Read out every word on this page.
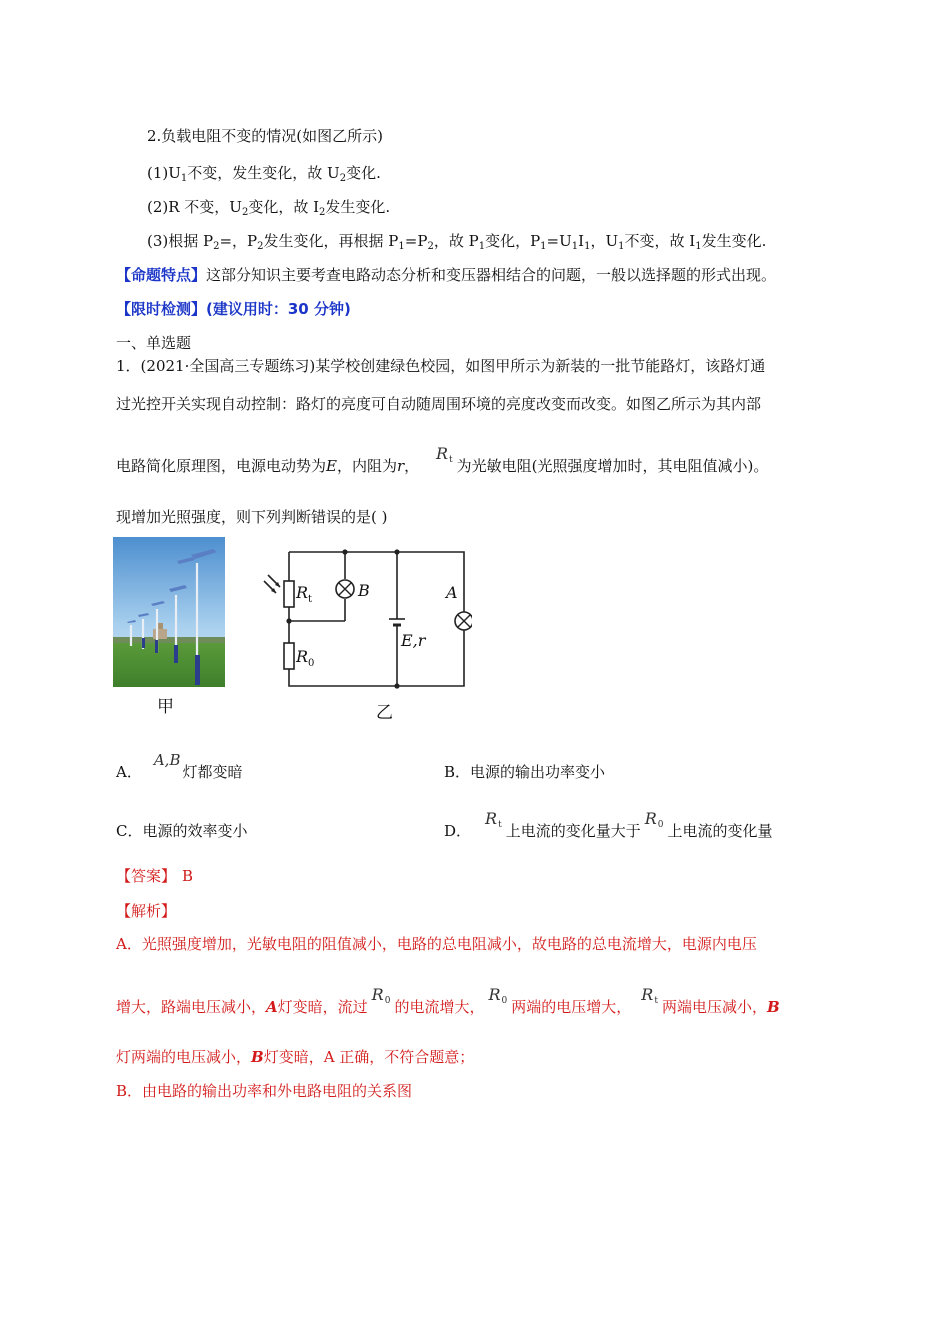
2.负载电阻不变的情况(如图乙所示)
$(1)U_1$不变，发生变化，故 $U_2$变化.
(2)R 不变，$U_2$变化，故 $I_2$发生变化.
(3)根据 $P_2=$，$P_2$发生变化，再根据 $P_1=P_2$，故 $P_1$变化，$P_1=U_1I_1$，$U_1$不变，故 $I_1$发生变化.
【命题特点】这部分知识主要考查电路动态分析和变压器相结合的问题，一般以选择题的形式出现。
【限时检测】(建议用时：30 分钟)
一、单选题
1．(2021·全国高三专题练习)某学校创建绿色校园，如图甲所示为新装的一批节能路灯，该路灯通
过光控开关实现自动控制：路灯的亮度可自动随周围环境的亮度改变而改变。如图乙所示为其内部
电路简化原理图，电源电动势为E，内阻为r， Rt 为光敏电阻(光照强度增加时，其电阻值减小)。
现增加光照强度，则下列判断错误的是( )
甲
$R_t$
$R_0$
B	A
E,r
乙
A．A,B灯都变暗	B．电源的输出功率变小
C．电源的效率变小	D．Rt 上电流的变化量大于R0 上电流的变化量
【答案】 B
【解析】
A．光照强度增加，光敏电阻的阻值减小，电路的总电阻减小，故电路的总电流增大，电源内电压
增大，路端电压减小，A灯变暗，流过R0 的电流增大，R0 两端的电压增大，Rt 两端电压减小，B
灯两端的电压减小，B灯变暗，A 正确，不符合题意；
B．由电路的输出功率和外电路电阻的关系图
